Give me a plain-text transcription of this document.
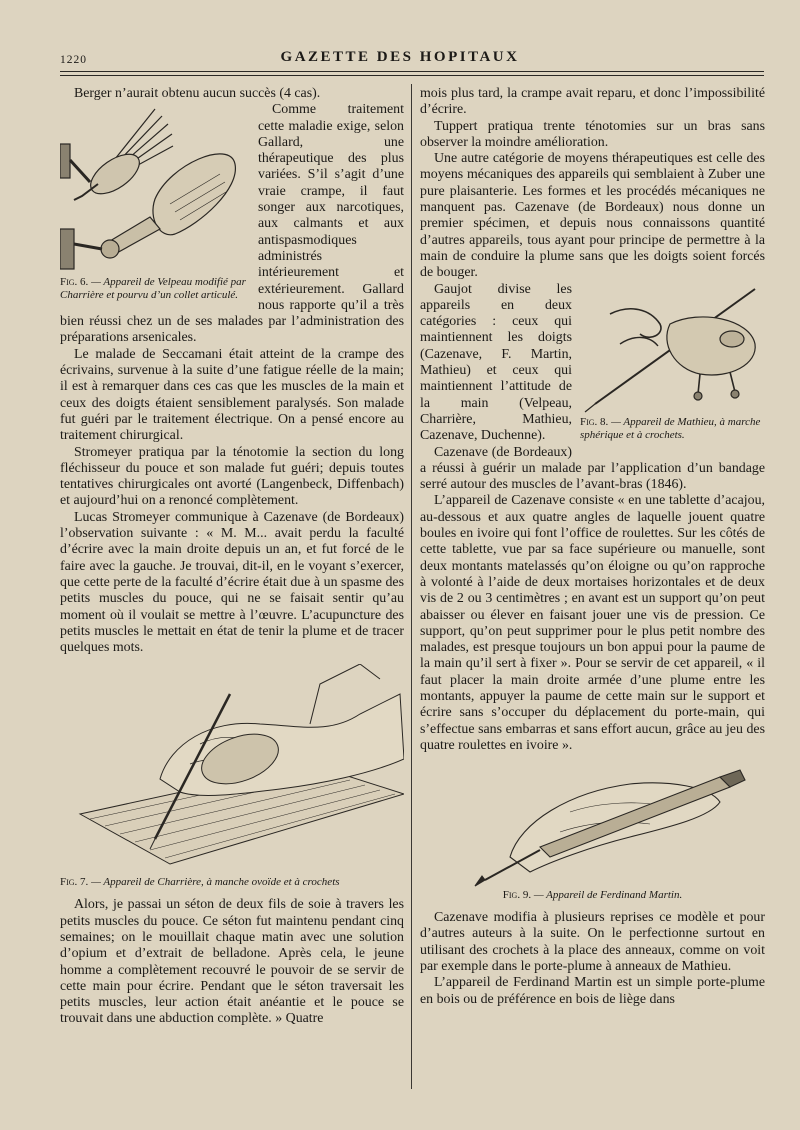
1220	GAZETTE DES HOPITAUX

Berger n’aurait obtenu aucun succès (4 cas).

Fig. 6. — Appareil de Velpeau modifié par Charrière et pourvu d’un collet articulé.

Comme traitement cette maladie exige, selon Gallard, une thérapeutique des plus variées. S’il s’agit d’une vraie crampe, il faut songer aux narcotiques, aux calmants et aux antispasmodiques administrés intérieurement et extérieurement. Gallard nous rapporte qu’il a très bien réussi chez un de ses malades par l’administration des préparations arsenicales.

Le malade de Seccamani était atteint de la crampe des écrivains, survenue à la suite d’une fatigue réelle de la main; il est à remarquer dans ces cas que les muscles de la main et ceux des doigts étaient sensiblement paralysés. Son malade fut guéri par le traitement électrique. On a pensé encore au traitement chirurgical.

Stromeyer pratiqua par la ténotomie la section du long fléchisseur du pouce et son malade fut guéri; depuis toutes tentatives chirurgicales ont avorté (Langenbeck, Diffenbach) et aujourd’hui on a renoncé complètement.

Lucas Stromeyer communique à Cazenave (de Bordeaux) l’observation suivante : « M. M... avait perdu la faculté d’écrire avec la main droite depuis un an, et fut forcé de le faire avec la gauche. Je trouvai, dit-il, en le voyant s’exercer, que cette perte de la faculté d’écrire était due à un spasme des petits muscles du pouce, qui ne se faisait sentir qu’au moment où il voulait se mettre à l’œuvre. L’acupuncture des petits muscles le mettait en état de tenir la plume et de tracer quelques mots.

Fig. 7. — Appareil de Charrière, à manche ovoïde et à crochets

Alors, je passai un séton de deux fils de soie à travers les petits muscles du pouce. Ce séton fut maintenu pendant cinq semaines; on le mouillait chaque matin avec une solution d’opium et d’extrait de belladone. Après cela, le jeune homme a complètement recouvré le pouvoir de se servir de cette main pour écrire. Pendant que le séton traversait les petits muscles, leur action était anéantie et le pouce se trouvait dans une abduction complète. » Quatre

mois plus tard, la crampe avait reparu, et donc l’impossibilité d’écrire.

Tuppert pratiqua trente ténotomies sur un bras sans observer la moindre amélioration.

Une autre catégorie de moyens thérapeutiques est celle des moyens mécaniques des appareils qui semblaient à Zuber une pure plaisanterie. Les formes et les procédés mécaniques ne manquent pas. Cazenave (de Bordeaux) nous donne un premier spécimen, et depuis nous connaissons quantité d’autres appareils, tous ayant pour principe de permettre à la main de conduire la plume sans que les doigts soient forcés de bouger.

Fig. 8. — Appareil de Mathieu, à marche sphérique et à crochets.

Gaujot divise les appareils en deux catégories : ceux qui maintiennent les doigts (Cazenave, F. Martin, Mathieu) et ceux qui maintiennent l’attitude de la main (Velpeau, Charrière, Mathieu, Cazenave, Duchenne).

Cazenave (de Bordeaux) a réussi à guérir un malade par l’application d’un bandage serré autour des muscles de l’avant-bras (1846).

L’appareil de Cazenave consiste « en une tablette d’acajou, au-dessous et aux quatre angles de laquelle jouent quatre boules en ivoire qui font l’office de roulettes. Sur les côtés de cette tablette, vue par sa face supérieure ou manuelle, sont deux montants matelassés qu’on éloigne ou qu’on rapproche à volonté à l’aide de deux mortaises horizontales et de deux vis de 2 ou 3 centimètres ; en avant est un support qu’on peut abaisser ou élever en faisant jouer une vis de pression. Ce support, qu’on peut supprimer pour le plus petit nombre des malades, est presque toujours un bon appui pour la paume de la main qu’il sert à fixer ». Pour se servir de cet appareil, « il faut placer la main droite armée d’une plume entre les montants, appuyer la paume de cette main sur le support et écrire sans s’occuper du déplacement du porte-main, qui s’effectue sans embarras et sans effort aucun, grâce au jeu des quatre roulettes en ivoire ».

Fig. 9. — Appareil de Ferdinand Martin.

Cazenave modifia à plusieurs reprises ce modèle et pour d’autres auteurs à la suite. On le perfectionne surtout en utilisant des crochets à la place des anneaux, comme on voit par exemple dans le porte-plume à anneaux de Mathieu.

L’appareil de Ferdinand Martin est un simple porte-plume en bois ou de préférence en bois de liège dans
